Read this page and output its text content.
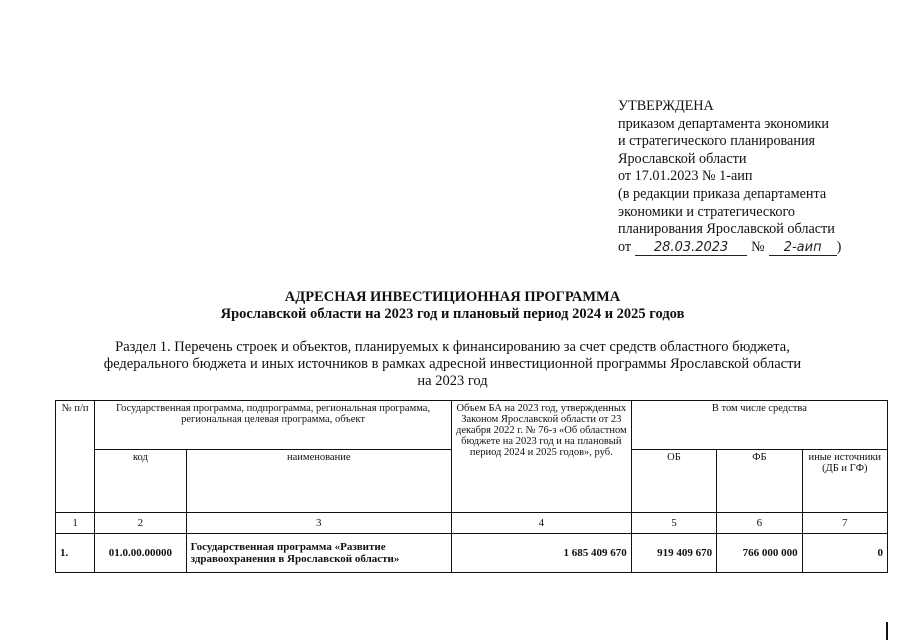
УТВЕРЖДЕНА
приказом департамента экономики
и стратегического планирования
Ярославской области
от 17.01.2023 № 1-аип
(в редакции приказа департамента
экономики и стратегического
планирования Ярославской области
от 28.03.2023 № 2-аип )
АДРЕСНАЯ ИНВЕСТИЦИОННАЯ ПРОГРАММА
Ярославской области на 2023 год и плановый период 2024 и 2025 годов
Раздел 1. Перечень строек и объектов, планируемых к финансированию за счет средств областного бюджета,
федерального бюджета и иных источников в рамках адресной инвестиционной программы Ярославской области
на 2023 год
№ п/п	Государственная программа, подпрограмма, региональная программа, региональная целевая программа, объект		Объем БА на 2023 год, утвержденных Законом Ярославской области от 23 декабря 2022 г. № 76-з «Об областном бюджете на 2023 год и на плановый период 2024 и 2025 годов», руб.	В том числе средства		
	код	наименование		ОБ	ФБ	иные источники (ДБ и ГФ)
1	2	3	4	5	6	7
1.	01.0.00.00000	Государственная программа «Развитие здравоохранения в Ярославской области»	1 685 409 670	919 409 670	766 000 000	0
